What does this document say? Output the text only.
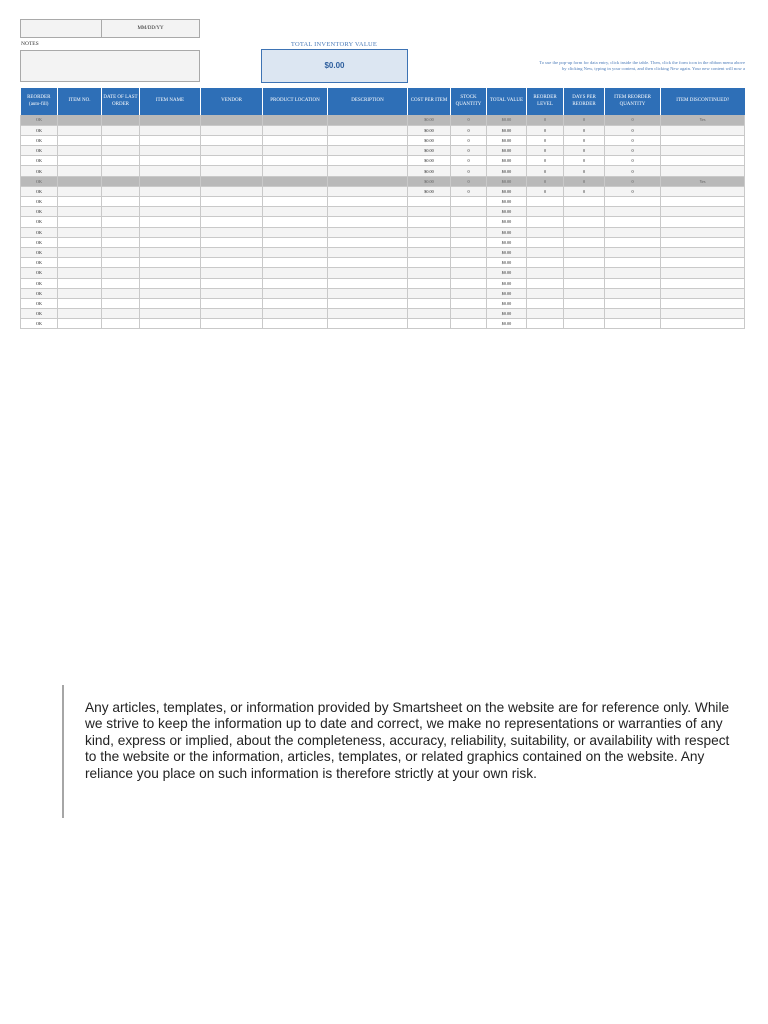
MM/DD/YY
NOTES	TOTAL INVENTORY VALUE
$0.00	To use the pop-up form for data entry, click inside the table. Then, click the form icon in the ribbon menu above
by clicking New, typing in your content, and then clicking New again. Your new content will now a
REORDER (auto-fill)	ITEM NO.	DATE OF LAST ORDER	ITEM NAME	VENDOR	PRODUCT LOCATION	DESCRIPTION	COST PER ITEM	STOCK QUANTITY	TOTAL VALUE	REORDER LEVEL	DAYS PER REORDER	ITEM REORDER QUANTITY	ITEM DISCONTINUED?
OK							$0.00	0	$0.00	0	0	0	Yes
OK							$0.00	0	$0.00	0	0	0	
OK							$0.00	0	$0.00	0	0	0	
OK							$0.00	0	$0.00	0	0	0	
OK							$0.00	0	$0.00	0	0	0	
OK							$0.00	0	$0.00	0	0	0	
OK							$0.00	0	$0.00	0	0	0	Yes
OK							$0.00	0	$0.00	0	0	0	
OK									$0.00				
OK									$0.00				
OK									$0.00				
OK									$0.00				
OK									$0.00				
OK									$0.00				
OK									$0.00				
OK									$0.00				
OK									$0.00				
OK									$0.00				
OK									$0.00				
OK									$0.00				
OK									$0.00				
Any articles, templates, or information provided by Smartsheet on the website are for reference only. While we strive to keep the information up to date and correct, we make no representations or warranties of any kind, express or implied, about the completeness, accuracy, reliability, suitability, or availability with respect to the website or the information, articles, templates, or related graphics contained on the website. Any reliance you place on such information is therefore strictly at your own risk.
